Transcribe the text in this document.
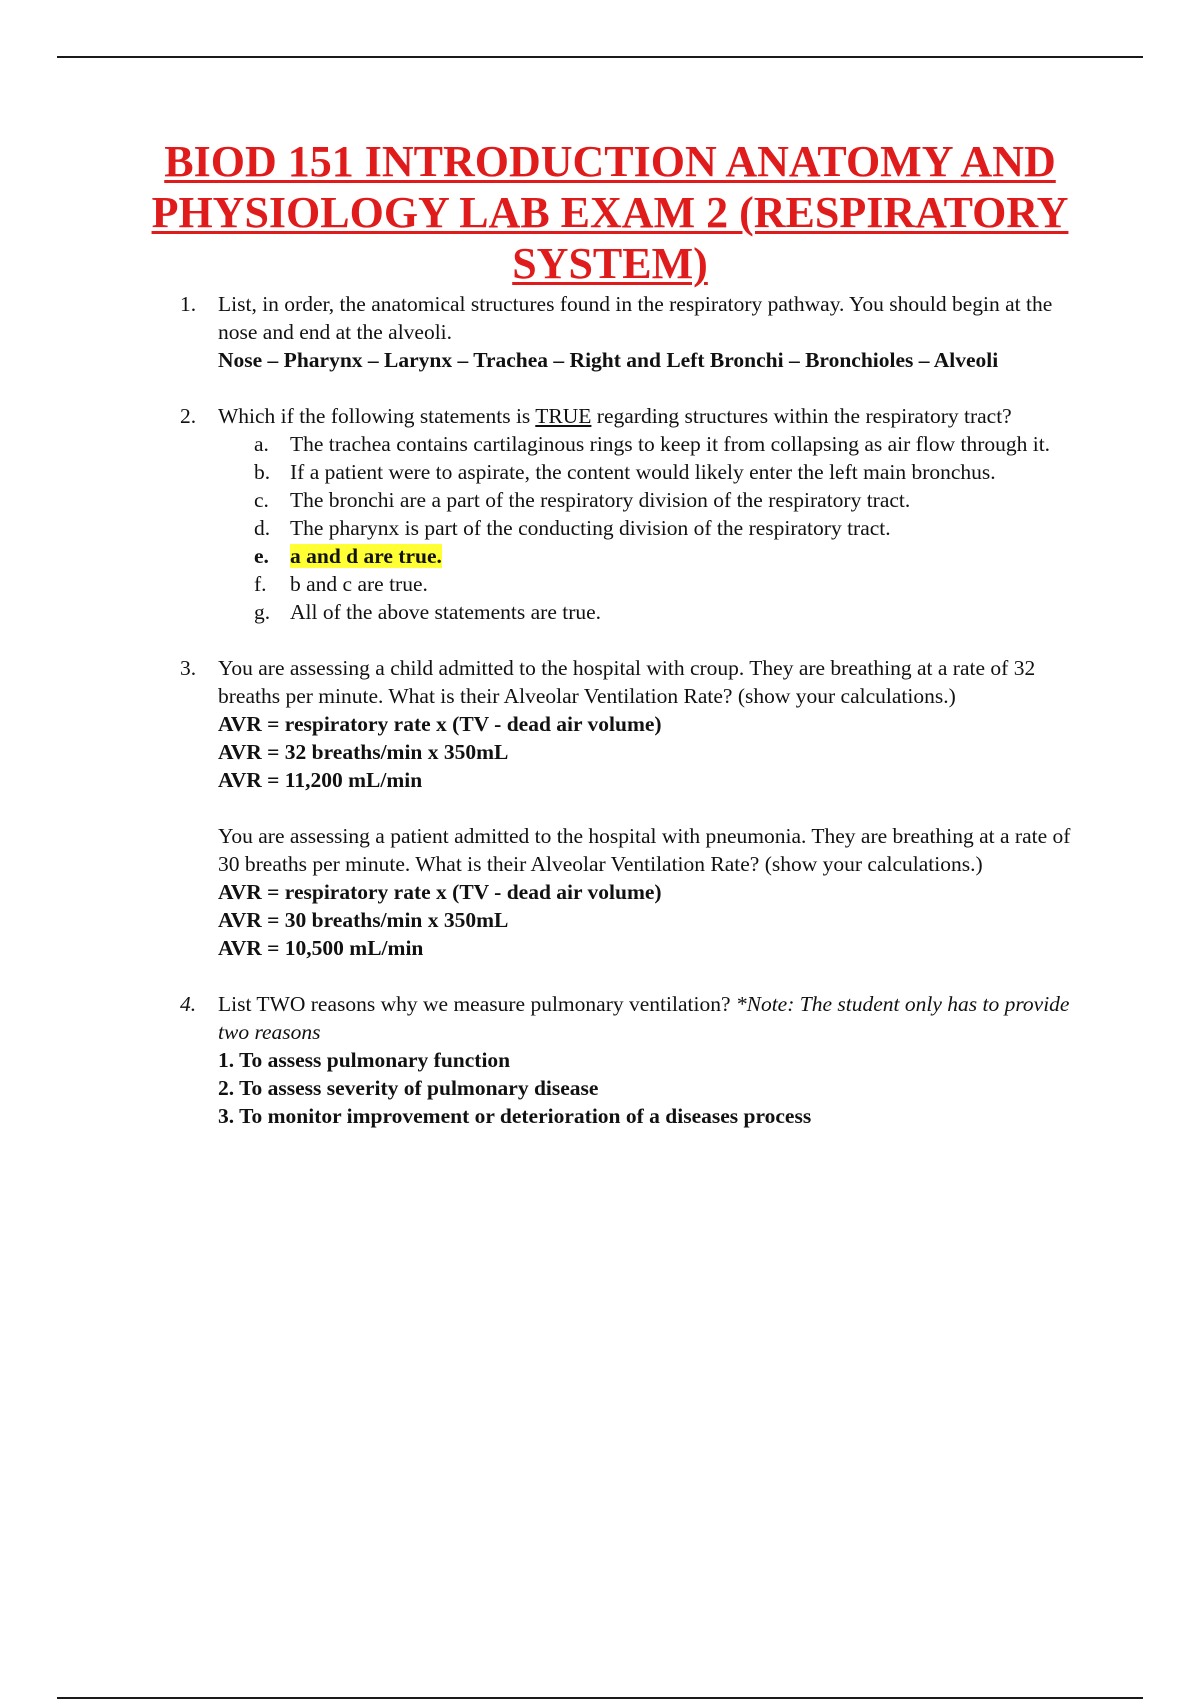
BIOD 151 INTRODUCTION ANATOMY AND PHYSIOLOGY LAB EXAM 2 (RESPIRATORY SYSTEM)
1. List, in order, the anatomical structures found in the respiratory pathway. You should begin at the nose and end at the alveoli.
Nose – Pharynx – Larynx – Trachea – Right and Left Bronchi – Bronchioles – Alveoli
2. Which if the following statements is TRUE regarding structures within the respiratory tract?
a. The trachea contains cartilaginous rings to keep it from collapsing as air flow through it.
b. If a patient were to aspirate, the content would likely enter the left main bronchus.
c. The bronchi are a part of the respiratory division of the respiratory tract.
d. The pharynx is part of the conducting division of the respiratory tract.
e. a and d are true.
f. b and c are true.
g. All of the above statements are true.
3. You are assessing a child admitted to the hospital with croup. They are breathing at a rate of 32 breaths per minute. What is their Alveolar Ventilation Rate? (show your calculations.)
AVR = respiratory rate x (TV - dead air volume)
AVR = 32 breaths/min x 350mL
AVR = 11,200 mL/min
You are assessing a patient admitted to the hospital with pneumonia. They are breathing at a rate of 30 breaths per minute. What is their Alveolar Ventilation Rate? (show your calculations.)
AVR = respiratory rate x (TV - dead air volume)
AVR = 30 breaths/min x 350mL
AVR = 10,500 mL/min
4. List TWO reasons why we measure pulmonary ventilation? *Note: The student only has to provide two reasons
1. To assess pulmonary function
2. To assess severity of pulmonary disease
3. To monitor improvement or deterioration of a diseases process
